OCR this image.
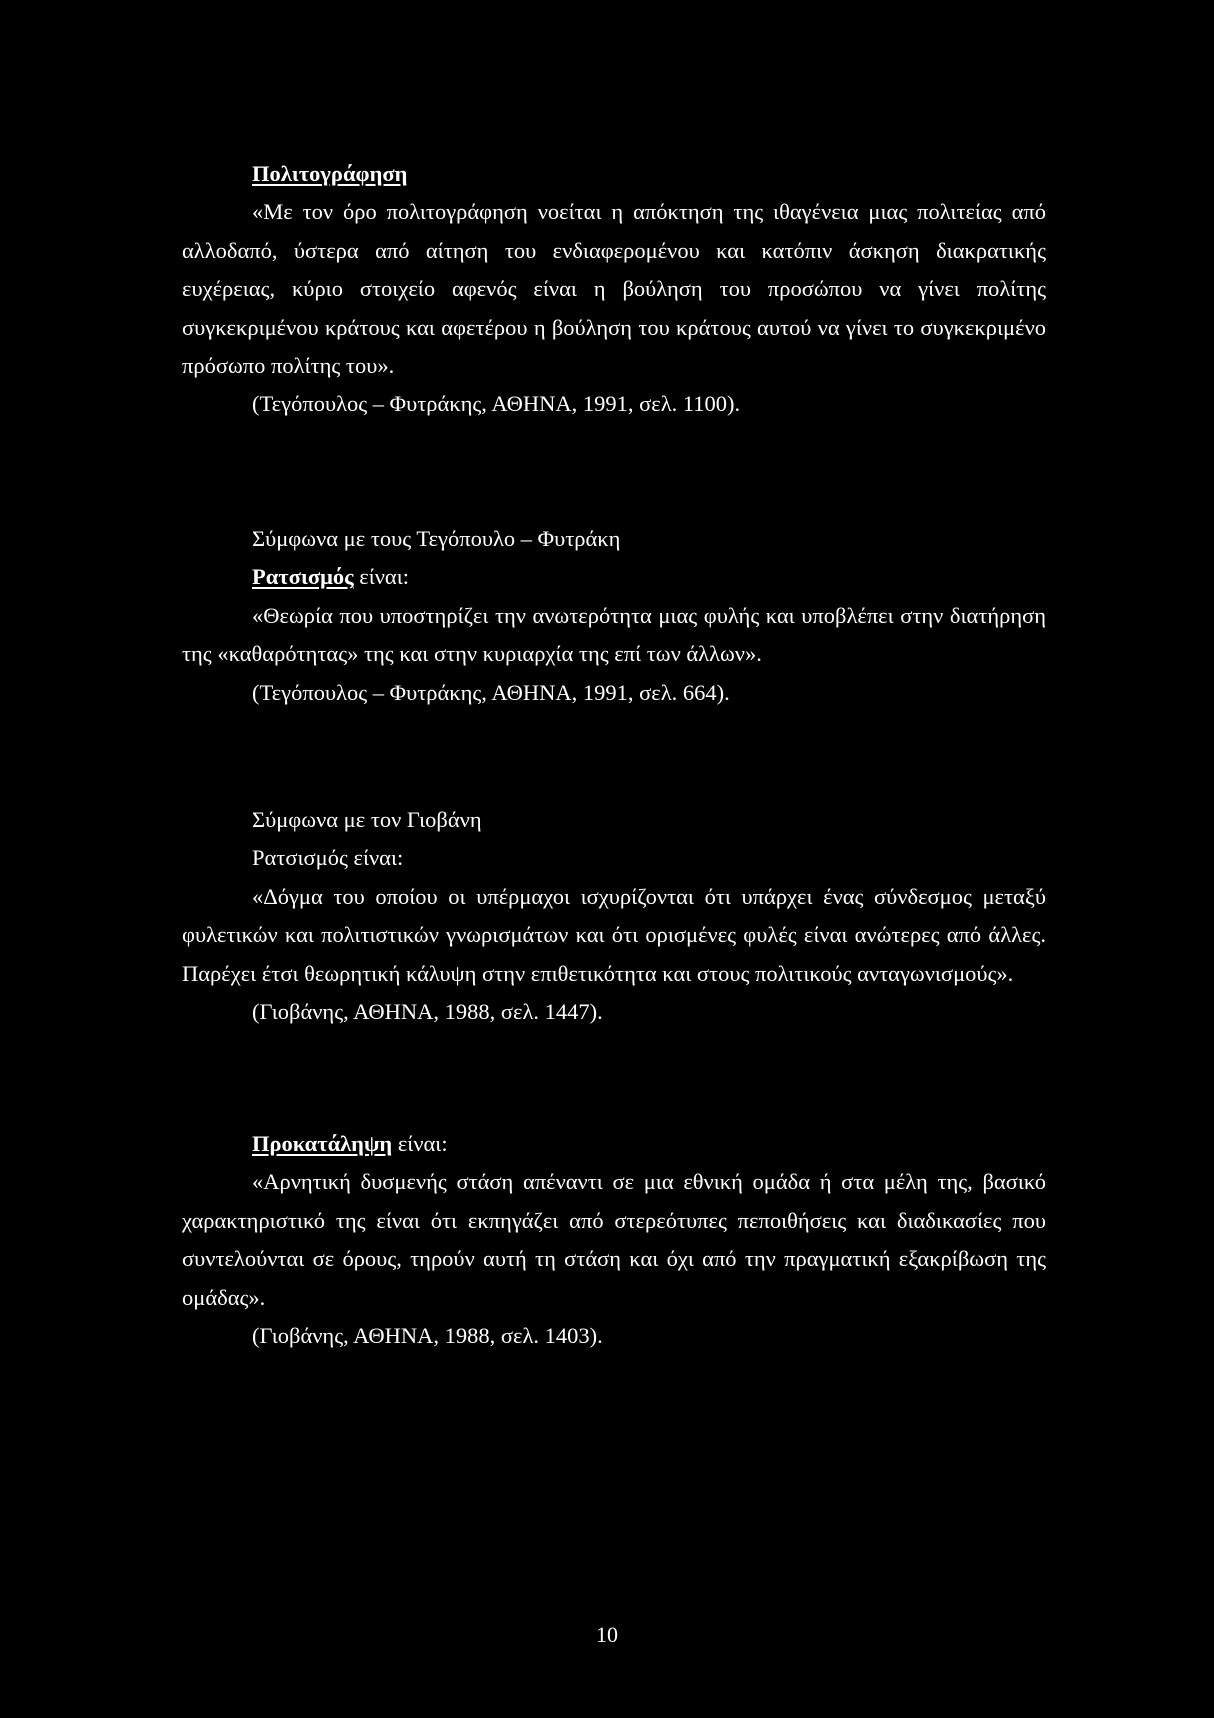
Πολιτογράφηση
«Με τον όρο πολιτογράφηση νοείται η απόκτηση της ιθαγένεια μιας πολιτείας από αλλοδαπό, ύστερα από αίτηση του ενδιαφερομένου και κατόπιν άσκηση διακρατικής ευχέρειας, κύριο στοιχείο αφενός είναι η βούληση του προσώπου να γίνει πολίτης συγκεκριμένου κράτους και αφετέρου η βούληση του κράτους αυτού να γίνει το συγκεκριμένο πρόσωπο πολίτης του».
(Τεγόπουλος – Φυτράκης, ΑΘΗΝΑ, 1991, σελ. 1100).
Σύμφωνα με τους Τεγόπουλο – Φυτράκη
Ρατσισμός είναι:
«Θεωρία που υποστηρίζει την ανωτερότητα μιας φυλής και υποβλέπει στην διατήρηση της «καθαρότητας» της και στην κυριαρχία της επί των άλλων».
(Τεγόπουλος – Φυτράκης, ΑΘΗΝΑ, 1991, σελ. 664).
Σύμφωνα με τον Γιοβάνη
Ρατσισμός είναι:
«Δόγμα του οποίου οι υπέρμαχοι ισχυρίζονται ότι υπάρχει ένας σύνδεσμος μεταξύ φυλετικών και πολιτιστικών γνωρισμάτων και ότι ορισμένες φυλές είναι ανώτερες από άλλες. Παρέχει έτσι θεωρητική κάλυψη στην επιθετικότητα και στους πολιτικούς ανταγωνισμούς».
(Γιοβάνης, ΑΘΗΝΑ, 1988, σελ. 1447).
Προκατάληψη είναι:
«Αρνητική δυσμενής στάση απέναντι σε μια εθνική ομάδα ή στα μέλη της, βασικό χαρακτηριστικό της είναι ότι εκπηγάζει από στερεότυπες πεποιθήσεις και διαδικασίες που συντελούνται σε όρους, τηρούν αυτή τη στάση και όχι από την πραγματική εξακρίβωση της ομάδας».
(Γιοβάνης, ΑΘΗΝΑ, 1988, σελ. 1403).
10
